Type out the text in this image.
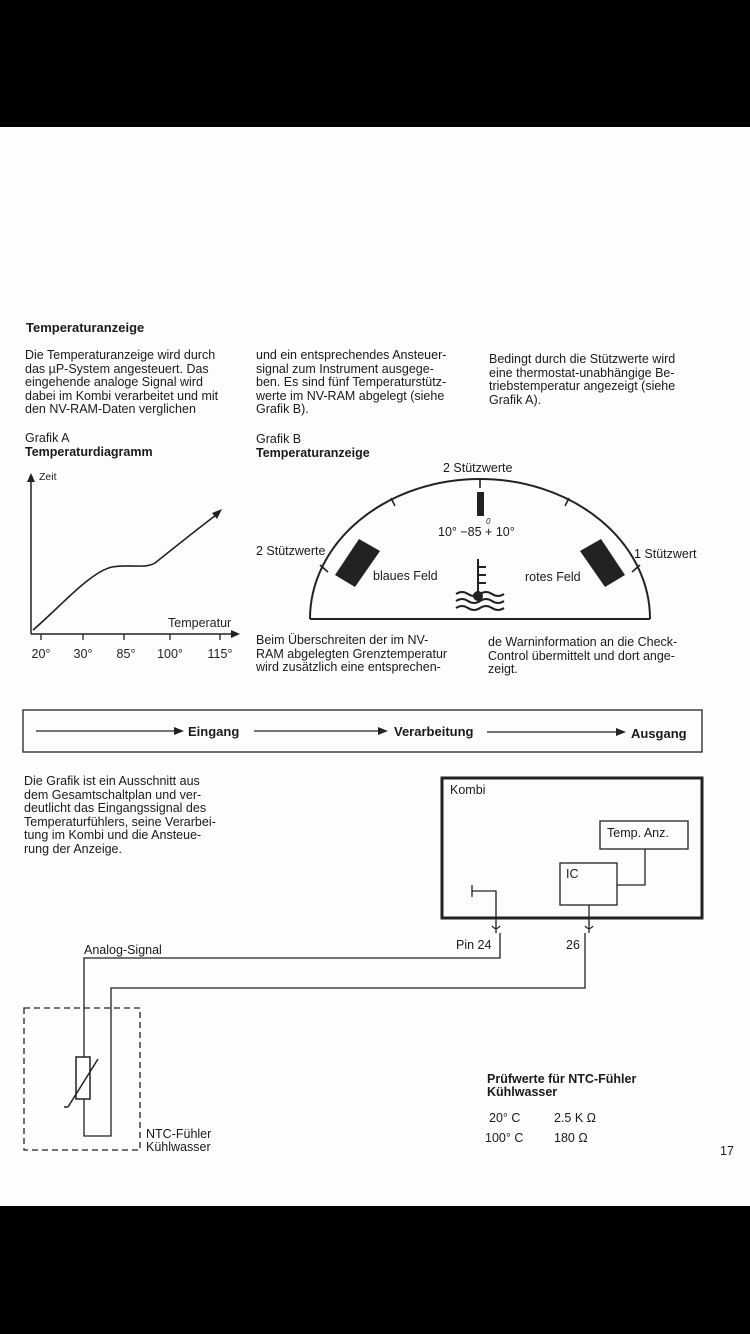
Temperaturanzeige
Die Temperaturanzeige wird durch
das µP-System angesteuert. Das
eingehende analoge Signal wird
dabei im Kombi verarbeitet und mit
den NV-RAM-Daten verglichen
und ein entsprechendes Ansteuer-
signal zum Instrument ausgege-
ben. Es sind fünf Temperaturstütz-
werte im NV-RAM abgelegt (siehe
Grafik B).
Bedingt durch die Stützwerte wird
eine thermostat-unabhängige Be-
triebstemperatur angezeigt (siehe
Grafik A).
Grafik A
Temperaturdiagramm
Grafik B
Temperaturanzeige
Zeit
Temperatur
20° 30° 85° 100° 115°
2 Stützwerte
2 Stützwerte	1 Stützwert
10° −85 + 10°
0
blaues Feld	rotes Feld
Beim Überschreiten der im NV-
RAM abgelegten Grenztemperatur
wird zusätzlich eine entsprechen-
de Warninformation an die Check-
Control übermittelt und dort ange-
zeigt.
Eingang	Verarbeitung	Ausgang
Die Grafik ist ein Ausschnitt aus
dem Gesamtschaltplan und ver-
deutlicht das Eingangssignal des
Temperaturfühlers, seine Verarbei-
tung im Kombi und die Ansteue-
rung der Anzeige.
Kombi
Temp. Anz.
IC
Pin 24	26
Analog-Signal
NTC-Fühler
Kühlwasser
Prüfwerte für NTC-Fühler
Kühlwasser
20° C	2.5 K Ω
100° C 180 Ω
17
